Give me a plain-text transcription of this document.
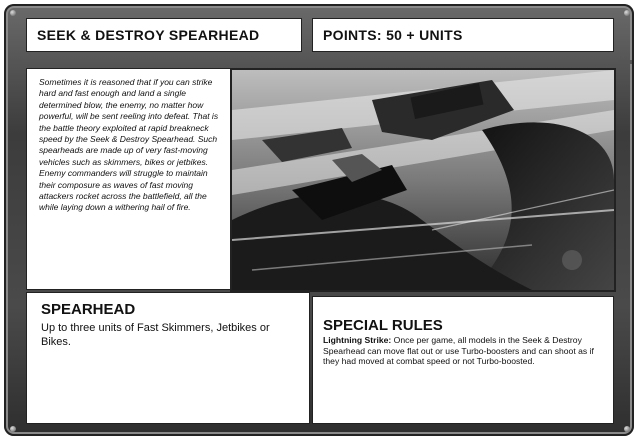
SEEK & DESTROY SPEARHEAD	POINTS: 50 + UNITS
Sometimes it is reasoned that if you can strike hard and fast enough and land a single determined blow, the enemy, no matter how powerful, will be sent reeling into defeat. That is the battle theory exploited at rapid breakneck speed by the Seek & Destroy Spearhead. Such spearheads are made up of very fast-moving vehicles such as skimmers, bikes or jetbikes. Enemy commanders will struggle to maintain their composure as waves of fast moving attackers rocket across the battlefield, all the while laying down a withering hail of fire.
SPEARHEAD
Up to three units of Fast Skimmers, Jetbikes or Bikes.
SPECIAL RULES
Lightning Strike: Once per game, all models in the Seek & Destroy Spearhead can move flat out or use Turbo-boosters and can shoot as if they had moved at combat speed or not Turbo-boosted.
